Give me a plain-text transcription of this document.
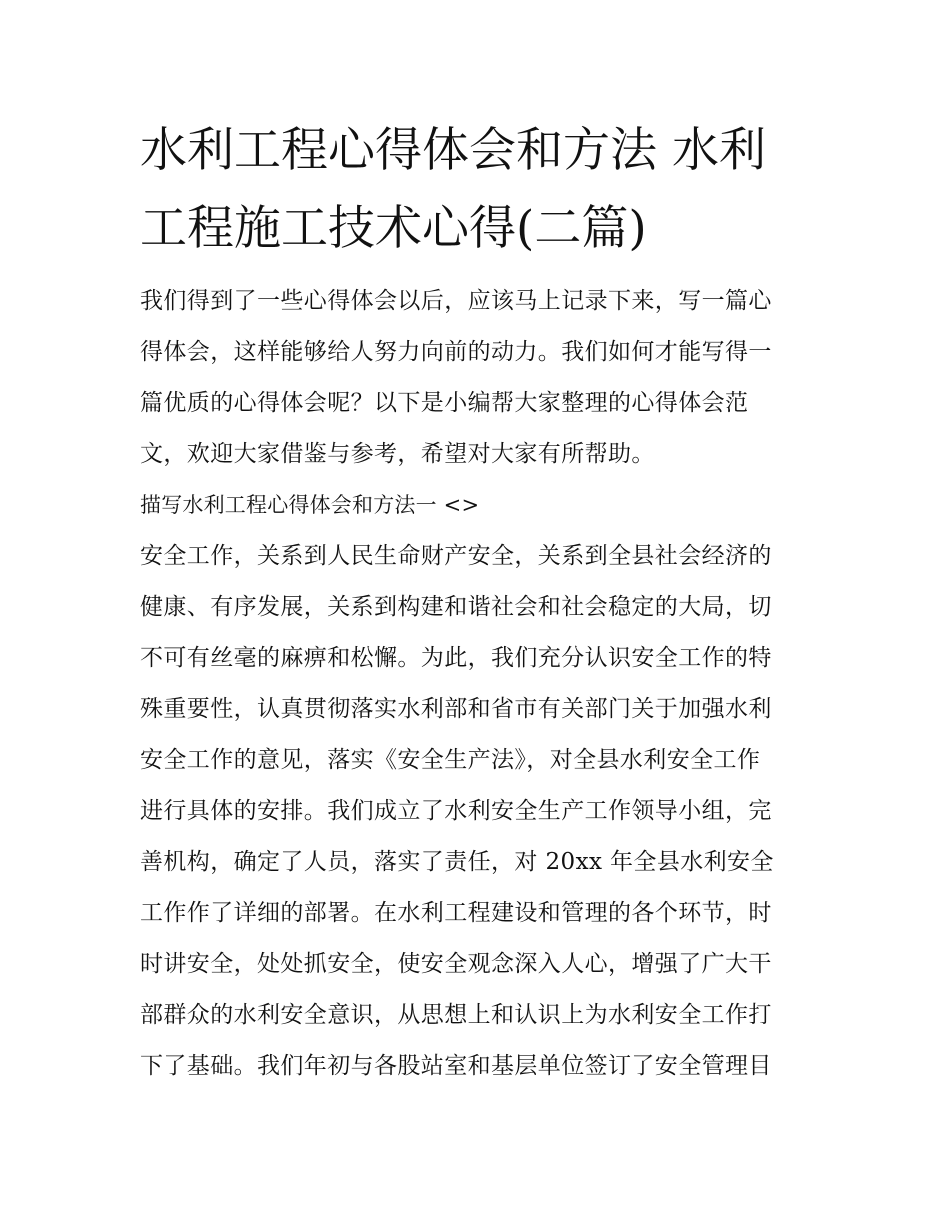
水利工程心得体会和方法 水利
工程施工技术心得(二篇)
我们得到了一些心得体会以后，应该马上记录下来，写一篇心
得体会，这样能够给人努力向前的动力。我们如何才能写得一
篇优质的心得体会呢？以下是小编帮大家整理的心得体会范
文，欢迎大家借鉴与参考，希望对大家有所帮助。
描写水利工程心得体会和方法一 <>
安全工作，关系到人民生命财产安全，关系到全县社会经济的
健康、有序发展，关系到构建和谐社会和社会稳定的大局，切
不可有丝毫的麻痹和松懈。为此，我们充分认识安全工作的特
殊重要性，认真贯彻落实水利部和省市有关部门关于加强水利
安全工作的意见，落实《安全生产法》，对全县水利安全工作
进行具体的安排。我们成立了水利安全生产工作领导小组，完
善机构，确定了人员，落实了责任，对 20xx 年全县水利安全
工作作了详细的部署。在水利工程建设和管理的各个环节，时
时讲安全，处处抓安全，使安全观念深入人心，增强了广大干
部群众的水利安全意识，从思想上和认识上为水利安全工作打
下了基础。我们年初与各股站室和基层单位签订了安全管理目
